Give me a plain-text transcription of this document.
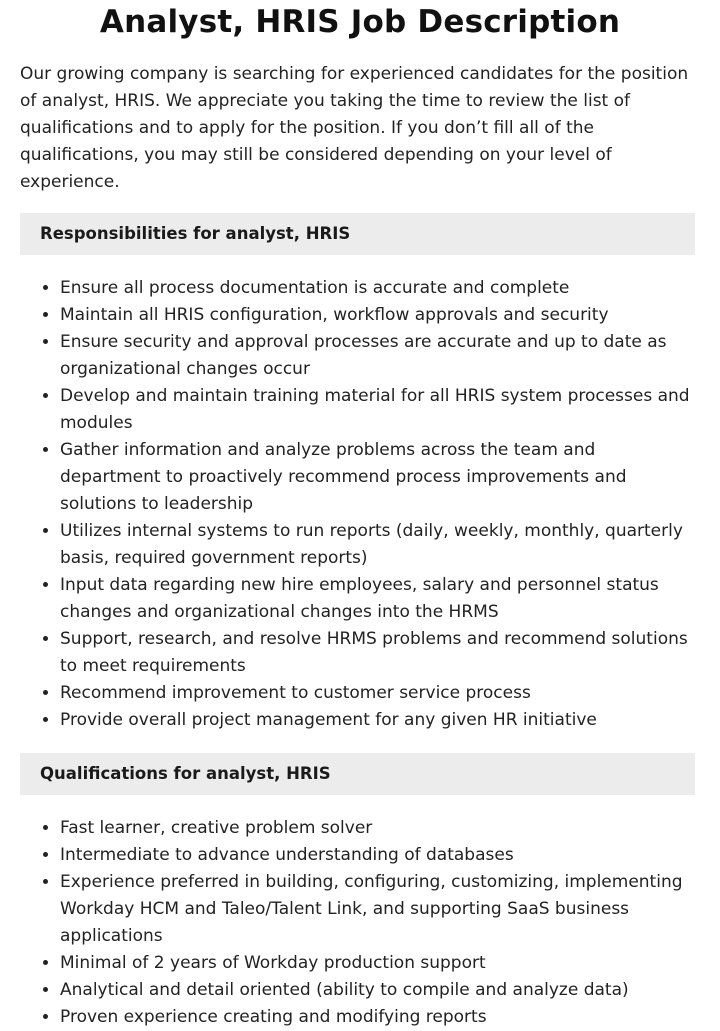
Analyst, HRIS Job Description

Our growing company is searching for experienced candidates for the position of analyst, HRIS. We appreciate you taking the time to review the list of qualifications and to apply for the position. If you don’t fill all of the qualifications, you may still be considered depending on your level of experience.

Responsibilities for analyst, HRIS
• Ensure all process documentation is accurate and complete
• Maintain all HRIS configuration, workflow approvals and security
• Ensure security and approval processes are accurate and up to date as organizational changes occur
• Develop and maintain training material for all HRIS system processes and modules
• Gather information and analyze problems across the team and department to proactively recommend process improvements and solutions to leadership
• Utilizes internal systems to run reports (daily, weekly, monthly, quarterly basis, required government reports)
• Input data regarding new hire employees, salary and personnel status changes and organizational changes into the HRMS
• Support, research, and resolve HRMS problems and recommend solutions to meet requirements
• Recommend improvement to customer service process
• Provide overall project management for any given HR initiative
Qualifications for analyst, HRIS
• Fast learner, creative problem solver
• Intermediate to advance understanding of databases
• Experience preferred in building, configuring, customizing, implementing Workday HCM and Taleo/Talent Link, and supporting SaaS business applications
• Minimal of 2 years of Workday production support
• Analytical and detail oriented (ability to compile and analyze data)
• Proven experience creating and modifying reports
